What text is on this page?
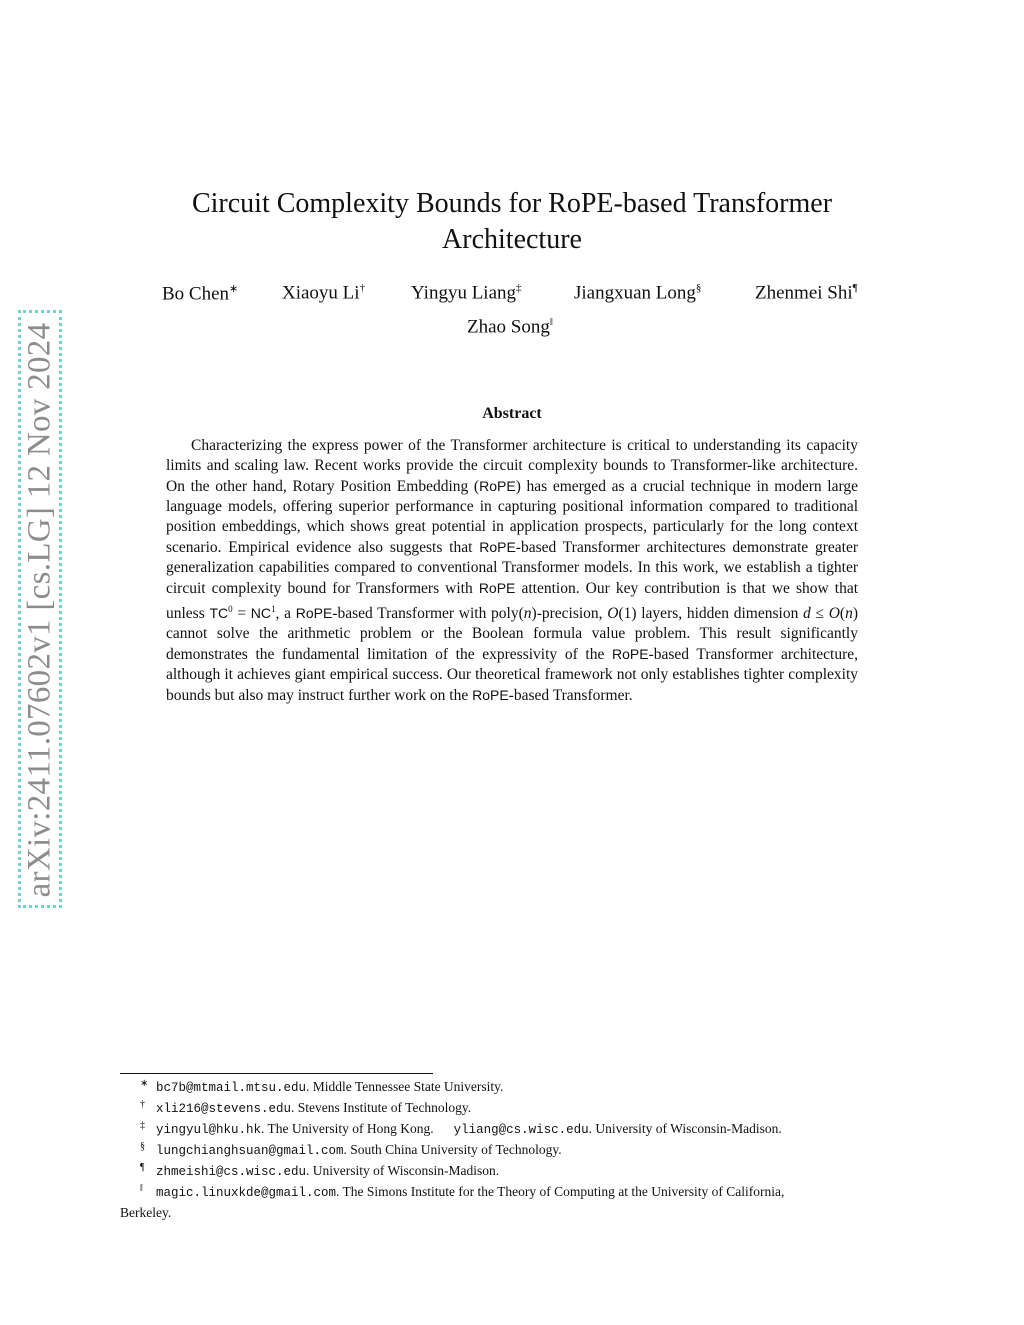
arXiv:2411.07602v1 [cs.LG] 12 Nov 2024
Circuit Complexity Bounds for RoPE-based Transformer Architecture
Bo Chen∗ Xiaoyu Li† Yingyu Liang‡	Jiangxuan Long§	Zhenmei Shi¶
Zhao Song‖
Abstract

Characterizing the express power of the Transformer architecture is critical to understanding its capacity limits and scaling law. Recent works provide the circuit complexity bounds to Transformer-like architecture. On the other hand, Rotary Position Embedding (RoPE) has emerged as a crucial technique in modern large language models, offering superior performance in capturing positional information compared to traditional position embeddings, which shows great potential in application prospects, particularly for the long context scenario. Empirical evidence also suggests that RoPE-based Transformer architectures demonstrate greater generalization capabilities compared to conventional Transformer models. In this work, we establish a tighter circuit complexity bound for Transformers with RoPE attention. Our key contribution is that we show that unless $TC^0 = NC^1$, a RoPE-based Transformer with poly(n)-precision, O(1) layers, hidden dimension d ≤ O(n) cannot solve the arithmetic problem or the Boolean formula value problem. This result significantly demonstrates the fundamental limitation of the expressivity of the RoPE-based Transformer architecture, although it achieves giant empirical success. Our theoretical framework not only establishes tighter complexity bounds but also may instruct further work on the RoPE-based Transformer.

∗ bc7b@mtmail.mtsu.edu. Middle Tennessee State University.
† xli216@stevens.edu. Stevens Institute of Technology.
‡ yingyul@hku.hk. The University of Hong Kong. yliang@cs.wisc.edu. University of Wisconsin-Madison.
§ lungchianghsuan@gmail.com. South China University of Technology.
¶ zhmeishi@cs.wisc.edu. University of Wisconsin-Madison.
‖ magic.linuxkde@gmail.com. The Simons Institute for the Theory of Computing at the University of California,
Berkeley.
